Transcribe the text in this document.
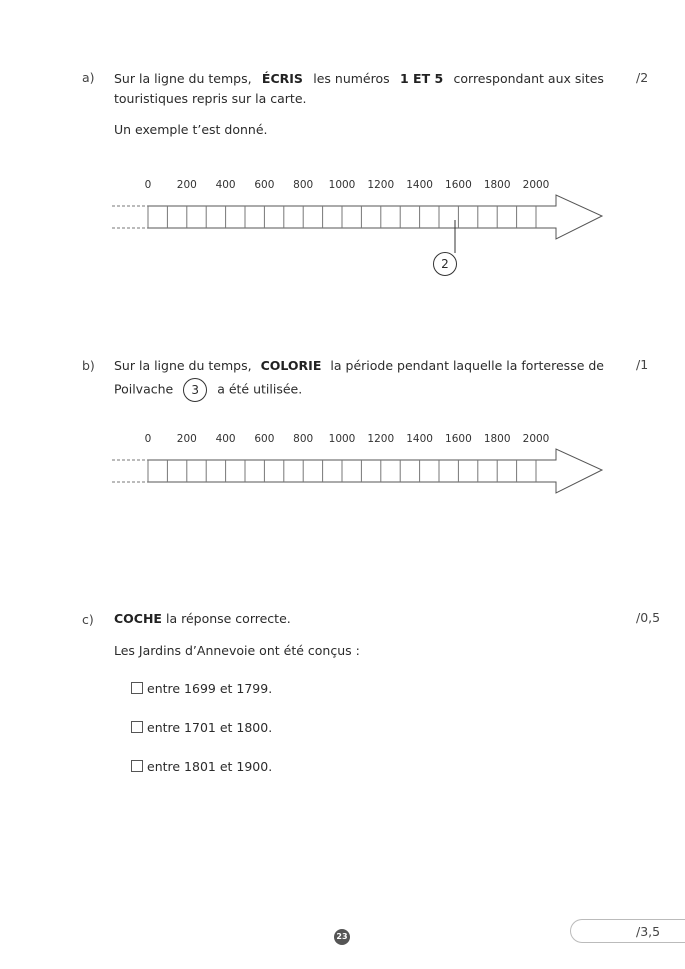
a) Sur la ligne du temps, ÉCRIS les numéros 1 ET 5 correspondant aux sites
touristiques repris sur la carte.
Un exemple t’est donné.
/2
0 200 400 600 800 1000 1200 1400 1600 1800 2000
2
b) Sur la ligne du temps, COLORIE la période pendant laquelle la forteresse de
Poilvache 3 a été utilisée.
/1
0 200 400 600 800 1000 1200 1400 1600 1800 2000
c) COCHE la réponse correcte.	/0,5
Les Jardins d’Annevoie ont été conçus :
entre 1699 et 1799.
entre 1701 et 1800.
entre 1801 et 1900.
23	/3,5
